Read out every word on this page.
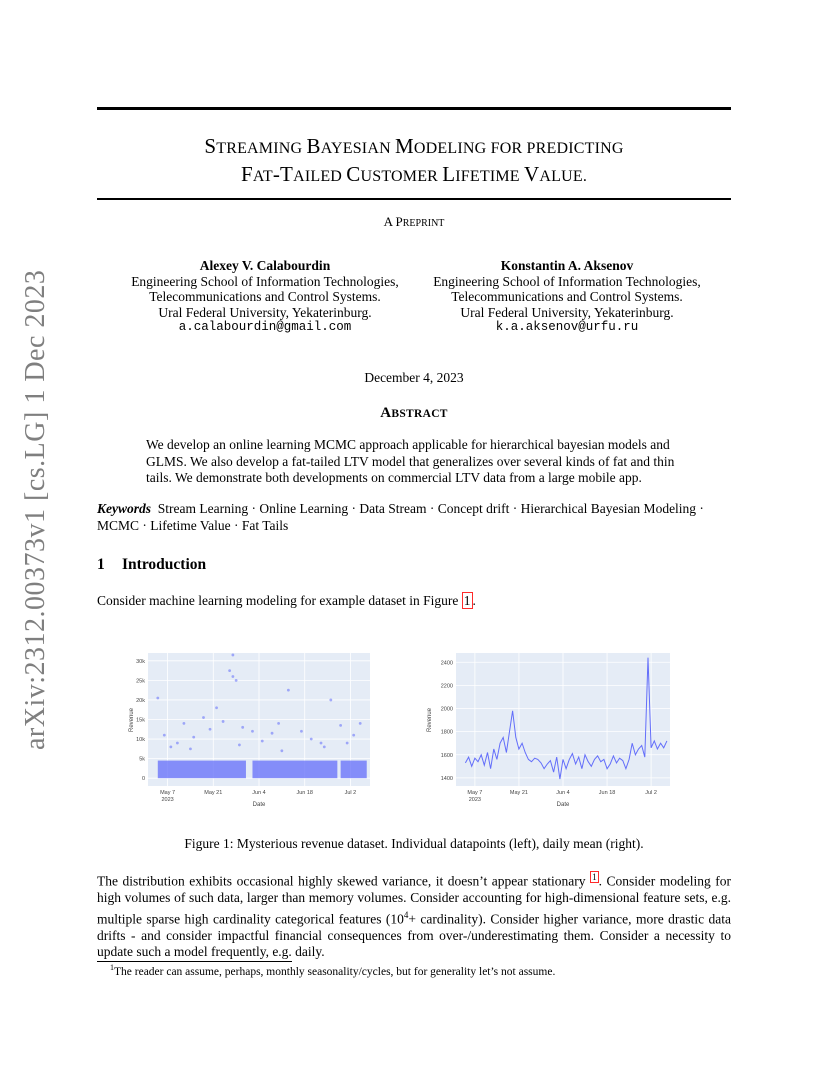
arXiv:2312.00373v1 [cs.LG] 1 Dec 2023
STREAMING BAYESIAN MODELING FOR PREDICTING
FAT-TAILED CUSTOMER LIFETIME VALUE.
A PREPRINT
Alexey V. Calabourdin
Engineering School of Information Technologies,
Telecommunications and Control Systems.
Ural Federal University, Yekaterinburg.
a.calabourdin@gmail.com
Konstantin A. Aksenov
Engineering School of Information Technologies,
Telecommunications and Control Systems.
Ural Federal University, Yekaterinburg.
k.a.aksenov@urfu.ru
December 4, 2023
ABSTRACT
We develop an online learning MCMC approach applicable for hierarchical bayesian models and GLMS. We also develop a fat-tailed LTV model that generalizes over several kinds of fat and thin tails. We demonstrate both developments on commercial LTV data from a large mobile app.
Keywords Stream Learning · Online Learning · Data Stream · Concept drift · Hierarchical Bayesian Modeling · MCMC · Lifetime Value · Fat Tails
1 Introduction
Consider machine learning modeling for example dataset in Figure 1 .
0
5k
10k
15k
20k
25k
30k
May 7
2023
May 21	Jun 4	Jun 18	Jul 2
Revenue
Date
1400
1600
1800
2000
2200
2400
May 7
2023
May 21	Jun 4	Jun 18	Jul 2
Revenue
Date
Figure 1: Mysterious revenue dataset. Individual datapoints (left), daily mean (right).
The distribution exhibits occasional highly skewed variance, it doesn’t appear stationary $^1$ . Consider modeling for high volumes of such data, larger than memory volumes. Consider accounting for high-dimensional feature sets, e.g. multiple sparse high cardinality categorical features ($10^4+$ cardinality). Consider higher variance, more drastic data drifts - and consider impactful financial consequences from over-/underestimating them. Consider a necessity to update such a model frequently, e.g. daily.
$^1$The reader can assume, perhaps, monthly seasonality/cycles, but for generality let’s not assume.
